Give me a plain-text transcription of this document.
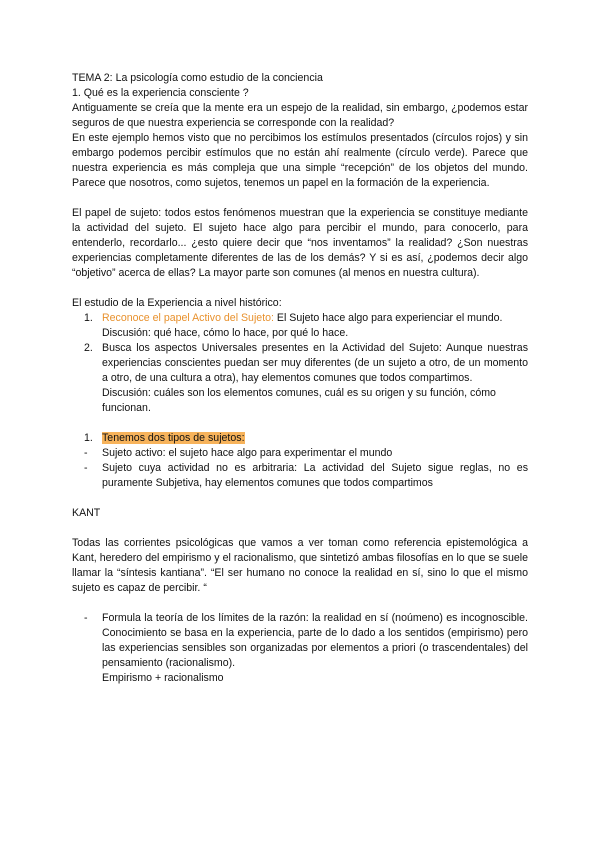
TEMA 2: La psicología como estudio de la conciencia

1. Qué es la experiencia consciente ?

Antiguamente se creía que la mente era un espejo de la realidad, sin embargo, ¿podemos estar seguros de que nuestra experiencia se corresponde con la realidad?

En este ejemplo hemos visto que no percibimos los estímulos presentados (círculos rojos) y sin embargo podemos percibir estímulos que no están ahí realmente (círculo verde). Parece que nuestra experiencia es más compleja que una simple “recepción” de los objetos del mundo. Parece que nosotros, como sujetos, tenemos un papel en la formación de la experiencia.

El papel de sujeto: todos estos fenómenos muestran que la experiencia se constituye mediante la actividad del sujeto. El sujeto hace algo para percibir el mundo, para conocerlo, para entenderlo, recordarlo... ¿esto quiere decir que “nos inventamos” la realidad? ¿Son nuestras experiencias completamente diferentes de las de los demás? Y si es así, ¿podemos decir algo “objetivo” acerca de ellas? La mayor parte son comunes (al menos en nuestra cultura).

El estudio de la Experiencia a nivel histórico:

1. Reconoce el papel Activo del Sujeto: El Sujeto hace algo para experienciar el mundo.
Discusión: qué hace, cómo lo hace, por qué lo hace.
2. Busca los aspectos Universales presentes en la Actividad del Sujeto: Aunque nuestras experiencias conscientes puedan ser muy diferentes (de un sujeto a otro, de un momento a otro, de una cultura a otra), hay elementos comunes que todos compartimos.
Discusión: cuáles son los elementos comunes, cuál es su origen y su función, cómo funcionan.
1. Tenemos dos tipos de sujetos:
- Sujeto activo: el sujeto hace algo para experimentar el mundo
- Sujeto cuya actividad no es arbitraria: La actividad del Sujeto sigue reglas, no es puramente Subjetiva, hay elementos comunes que todos compartimos

KANT

Todas las corrientes psicológicas que vamos a ver toman como referencia epistemológica a Kant, heredero del empirismo y el racionalismo, que sintetizó ambas filosofías en lo que se suele llamar la “síntesis kantiana”. “El ser humano no conoce la realidad en sí, sino lo que el mismo sujeto es capaz de percibir. “

- Formula la teoría de los límites de la razón: la realidad en sí (noúmeno) es incognoscible. Conocimiento se basa en la experiencia, parte de lo dado a los sentidos (empirismo) pero las experiencias sensibles son organizadas por elementos a priori (o trascendentales) del pensamiento (racionalismo).
Empirismo + racionalismo
